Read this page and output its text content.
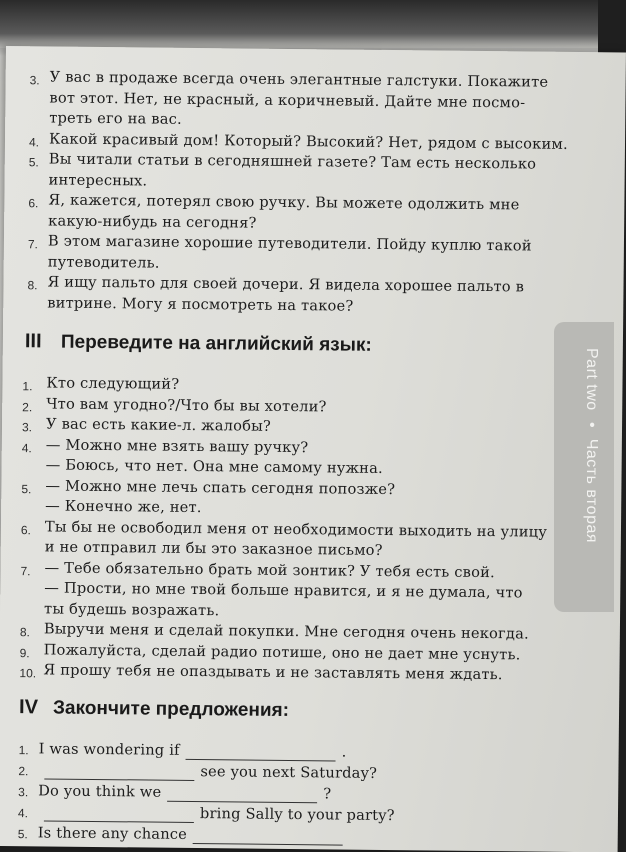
3. У вас в продаже всегда очень элегантные галстуки. Покажите
вот этот. Нет, не красный, а коричневый. Дайте мне посмо-
треть его на вас.
4. Какой красивый дом! Который? Высокий? Нет, рядом с высоким.
5. Вы читали статьи в сегодняшней газете? Там есть несколько
интересных.
6. Я, кажется, потерял свою ручку. Вы можете одолжить мне
какую-нибудь на сегодня?
7. В этом магазине хорошие путеводители. Пойду куплю такой
путеводитель.
8. Я ищу пальто для своей дочери. Я видела хорошее пальто в
витрине. Могу я посмотреть на такое?
III Переведите на английский язык:
1. Кто следующий?
2. Что вам угодно?/Что бы вы хотели?
3. У вас есть какие-л. жалобы?
4. — Можно мне взять вашу ручку?
— Боюсь, что нет. Она мне самому нужна.
5. — Можно мне лечь спать сегодня попозже?
— Конечно же, нет.
6. Ты бы не освободил меня от необходимости выходить на улицу
и не отправил ли бы это заказное письмо?
7. — Тебе обязательно брать мой зонтик? У тебя есть свой.
— Прости, но мне твой больше нравится, и я не думала, что
ты будешь возражать.
8. Выручи меня и сделай покупки. Мне сегодня очень некогда.
9. Пожалуйста, сделай радио потише, оно не дает мне уснуть.
10. Я прошу тебя не опаздывать и не заставлять меня ждать.
IV Закончите предложения:
1. I was wondering if	.
2.	see you next Saturday?
3. Do you think we	?
4.	bring Sally to your party?
5. Is there any chance
Part two • Часть вторая
